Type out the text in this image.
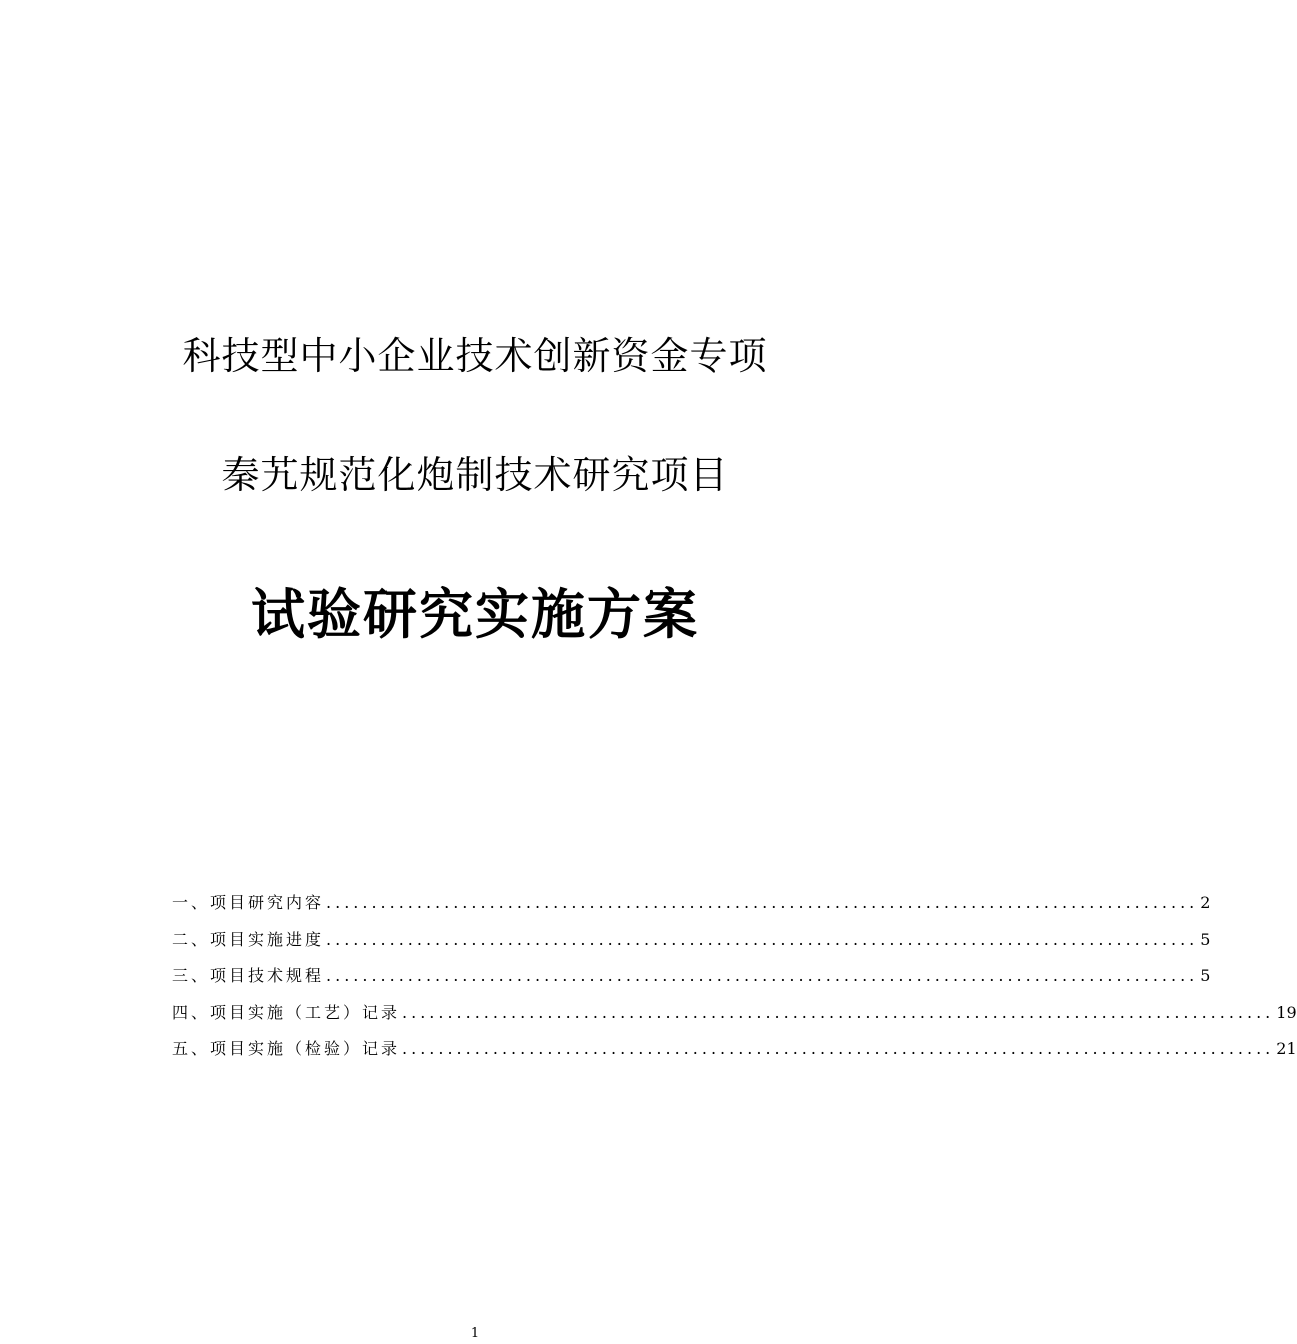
科技型中小企业技术创新资金专项
秦艽规范化炮制技术研究项目
试验研究实施方案
一、项目研究内容 ................................................................................................ 2
二、项目实施进度 ................................................................................................ 5
三、项目技术规程 ................................................................................................ 5
四、项目实施（工艺）记录 ................................................................................................ 19
五、项目实施（检验）记录 ................................................................................................ 21
1
